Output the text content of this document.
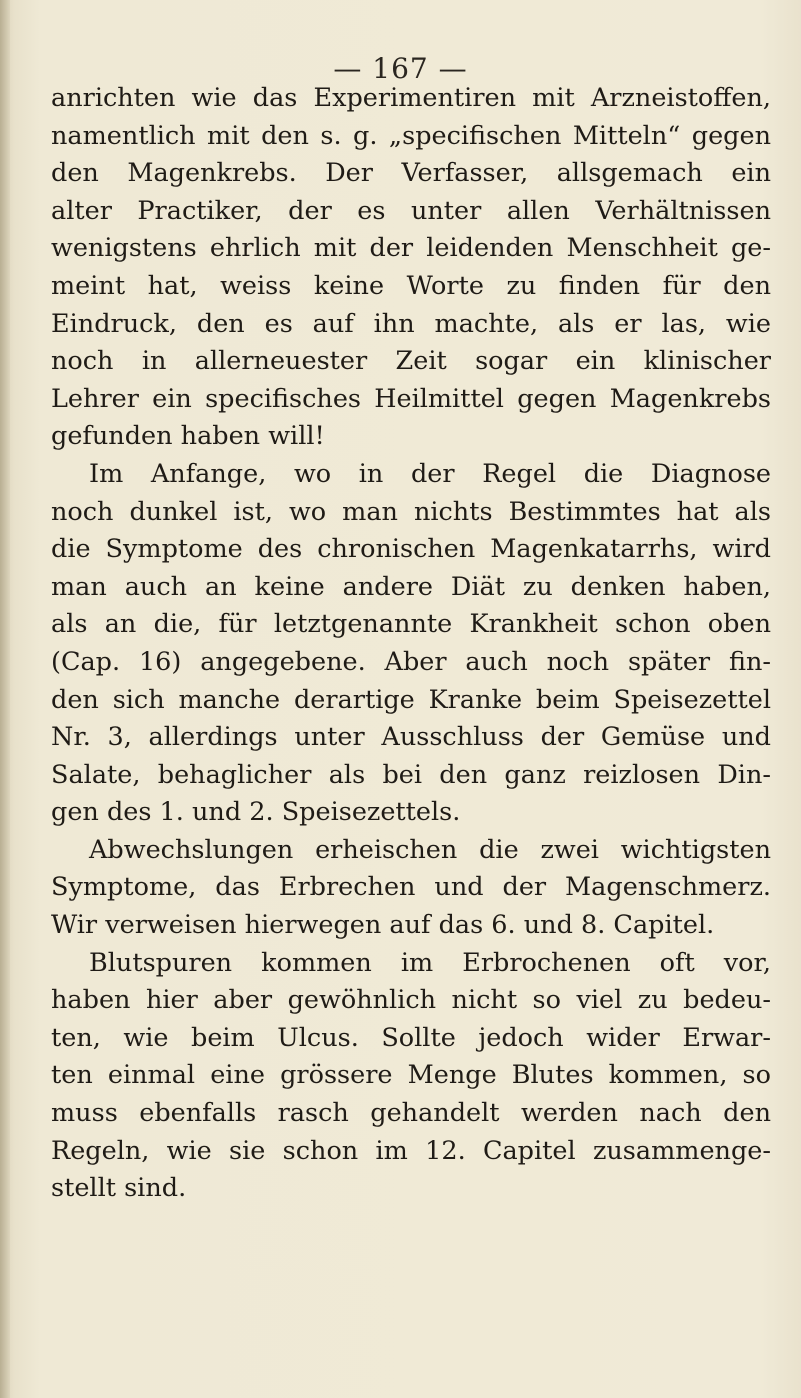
— 167 —
anrichten wie das Experimentiren mit Arzneistoffen,
namentlich mit den s. g. „specifischen Mitteln“ gegen
den Magenkrebs. Der Verfasser, allsgemach ein
alter Practiker, der es unter allen Verhältnissen
wenigstens ehrlich mit der leidenden Menschheit ge-
meint hat, weiss keine Worte zu finden für den
Eindruck, den es auf ihn machte, als er las, wie
noch in allerneuester Zeit sogar ein klinischer
Lehrer ein specifisches Heilmittel gegen Magenkrebs
gefunden haben will!
Im Anfange, wo in der Regel die Diagnose
noch dunkel ist, wo man nichts Bestimmtes hat als
die Symptome des chronischen Magenkatarrhs, wird
man auch an keine andere Diät zu denken haben,
als an die, für letztgenannte Krankheit schon oben
(Cap. 16) angegebene. Aber auch noch später fin-
den sich manche derartige Kranke beim Speisezettel
Nr. 3, allerdings unter Ausschluss der Gemüse und
Salate, behaglicher als bei den ganz reizlosen Din-
gen des 1. und 2. Speisezettels.
Abwechslungen erheischen die zwei wichtigsten
Symptome, das Erbrechen und der Magenschmerz.
Wir verweisen hierwegen auf das 6. und 8. Capitel.
Blutspuren kommen im Erbrochenen oft vor,
haben hier aber gewöhnlich nicht so viel zu bedeu-
ten, wie beim Ulcus. Sollte jedoch wider Erwar-
ten einmal eine grössere Menge Blutes kommen, so
muss ebenfalls rasch gehandelt werden nach den
Regeln, wie sie schon im 12. Capitel zusammenge-
stellt sind.
